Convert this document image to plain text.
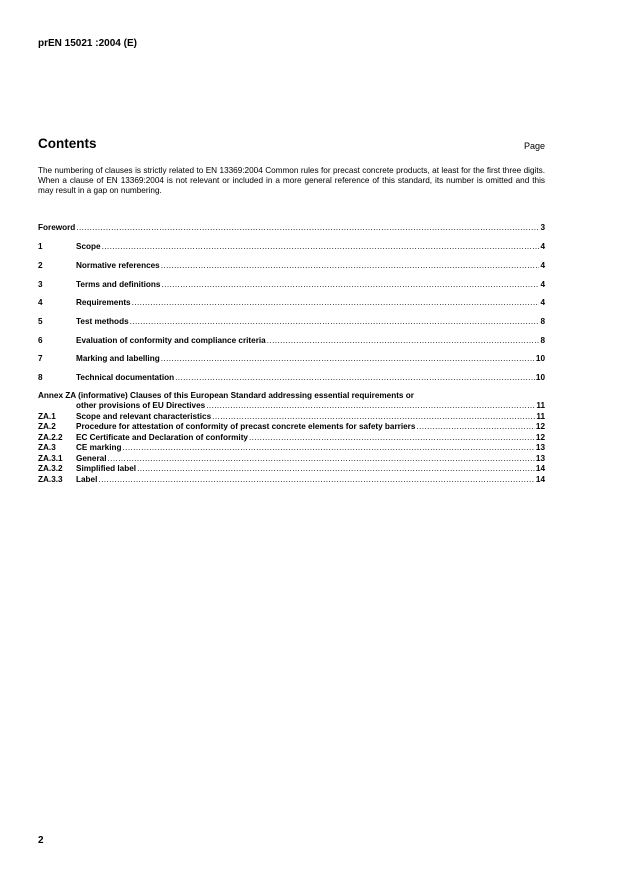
prEN 15021 :2004 (E)
Contents	Page
The numbering of clauses is strictly related to EN 13369:2004 Common rules for precast concrete products, at least for the first three digits. When a clause of EN 13369:2004 is not relevant or included in a more general reference of this standard, its number is omitted and this may result in a gap on numbering.
Foreword .....	3
1	Scope .....	4
2	Normative references .....	4
3	Terms and definitions .....	4
4	Requirements .....	4
5	Test methods .....	8
6	Evaluation of conformity and compliance criteria .....	8
7	Marking and labelling .....	10
8	Technical documentation .....	10
Annex ZA (informative) Clauses of this European Standard addressing essential requirements or
other provisions of EU Directives .....	11
ZA.1	Scope and relevant characteristics .....	11
ZA.2	Procedure for attestation of conformity of precast concrete elements for safety barriers .....	12
ZA.2.2	EC Certificate and Declaration of conformity .....	12
ZA.3	CE marking .....	13
ZA.3.1	General .....	13
ZA.3.2	Simplified label .....	14
ZA.3.3	Label .....	14
2
